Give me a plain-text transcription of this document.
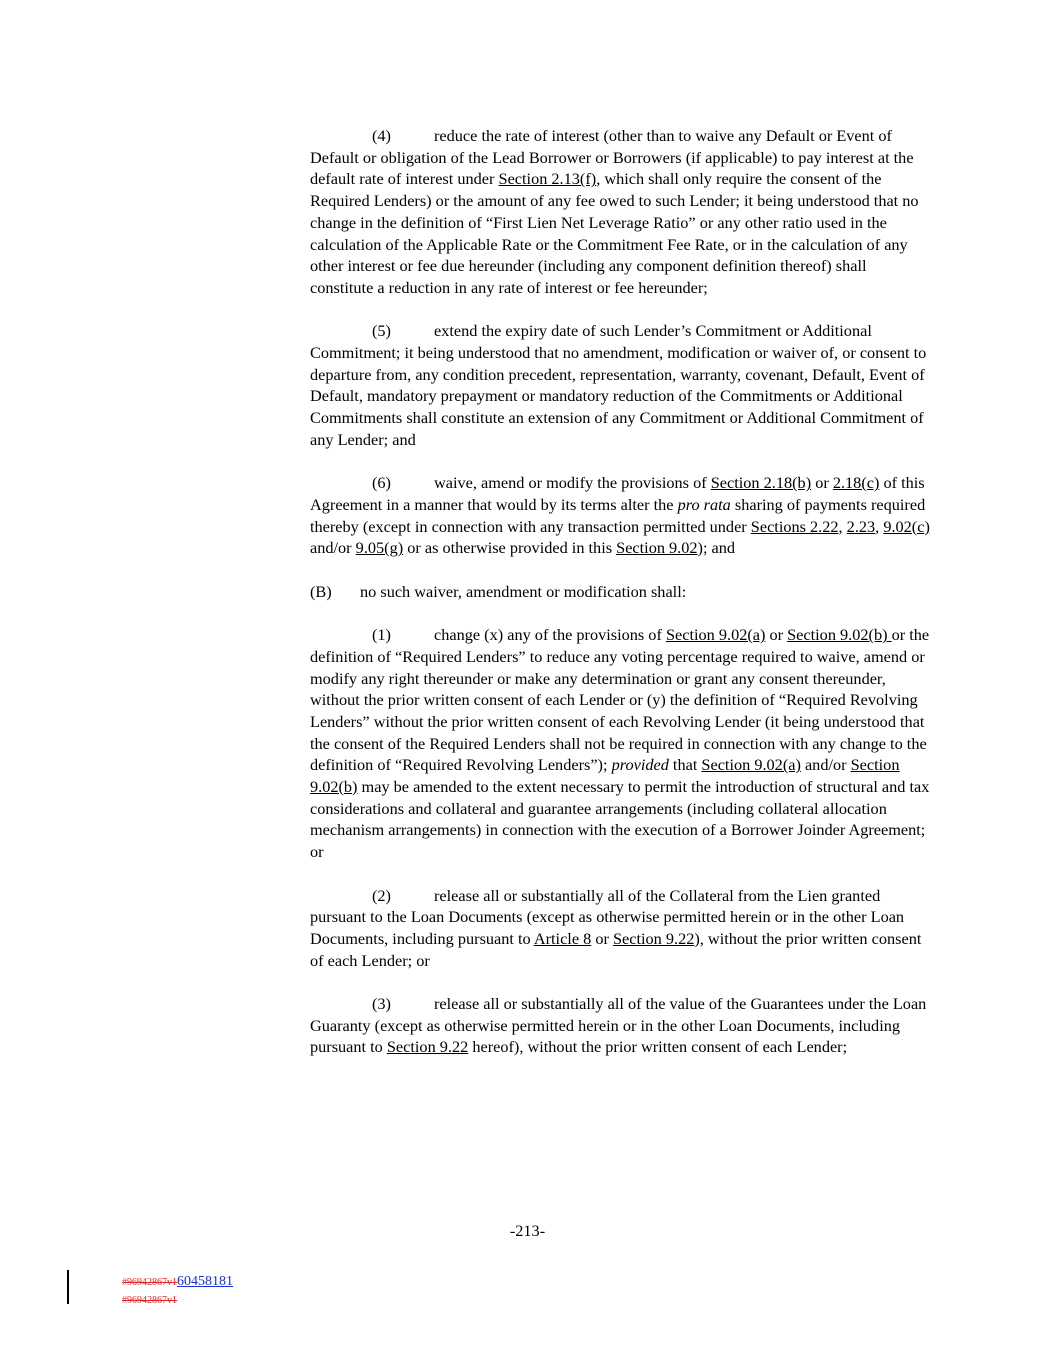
(4)	reduce the rate of interest (other than to waive any Default or Event of Default or obligation of the Lead Borrower or Borrowers (if applicable) to pay interest at the default rate of interest under Section 2.13(f), which shall only require the consent of the Required Lenders) or the amount of any fee owed to such Lender; it being understood that no change in the definition of “First Lien Net Leverage Ratio” or any other ratio used in the calculation of the Applicable Rate or the Commitment Fee Rate, or in the calculation of any other interest or fee due hereunder (including any component definition thereof) shall constitute a reduction in any rate of interest or fee hereunder;

(5)	extend the expiry date of such Lender’s Commitment or Additional Commitment; it being understood that no amendment, modification or waiver of, or consent to departure from, any condition precedent, representation, warranty, covenant, Default, Event of Default, mandatory prepayment or mandatory reduction of the Commitments or Additional Commitments shall constitute an extension of any Commitment or Additional Commitment of any Lender; and

(6)	waive, amend or modify the provisions of Section 2.18(b) or 2.18(c) of this Agreement in a manner that would by its terms alter the pro rata sharing of payments required thereby (except in connection with any transaction permitted under Sections 2.22, 2.23, 9.02(c) and/or 9.05(g) or as otherwise provided in this Section 9.02); and

(B) no such waiver, amendment or modification shall:

(1)	change (x) any of the provisions of Section 9.02(a) or Section 9.02(b) or the definition of “Required Lenders” to reduce any voting percentage required to waive, amend or modify any right thereunder or make any determination or grant any consent thereunder, without the prior written consent of each Lender or (y) the definition of “Required Revolving Lenders” without the prior written consent of each Revolving Lender (it being understood that the consent of the Required Lenders shall not be required in connection with any change to the definition of “Required Revolving Lenders”); provided that Section 9.02(a) and/or Section 9.02(b) may be amended to the extent necessary to permit the introduction of structural and tax considerations and collateral and guarantee arrangements (including collateral allocation mechanism arrangements) in connection with the execution of a Borrower Joinder Agreement; or

(2)	release all or substantially all of the Collateral from the Lien granted pursuant to the Loan Documents (except as otherwise permitted herein or in the other Loan Documents, including pursuant to Article 8 or Section 9.22), without the prior written consent of each Lender; or

(3)	release all or substantially all of the value of the Guarantees under the Loan Guaranty (except as otherwise permitted herein or in the other Loan Documents, including pursuant to Section 9.22 hereof), without the prior written consent of each Lender;

-213-
#96942867v160458181
#96942867v1
